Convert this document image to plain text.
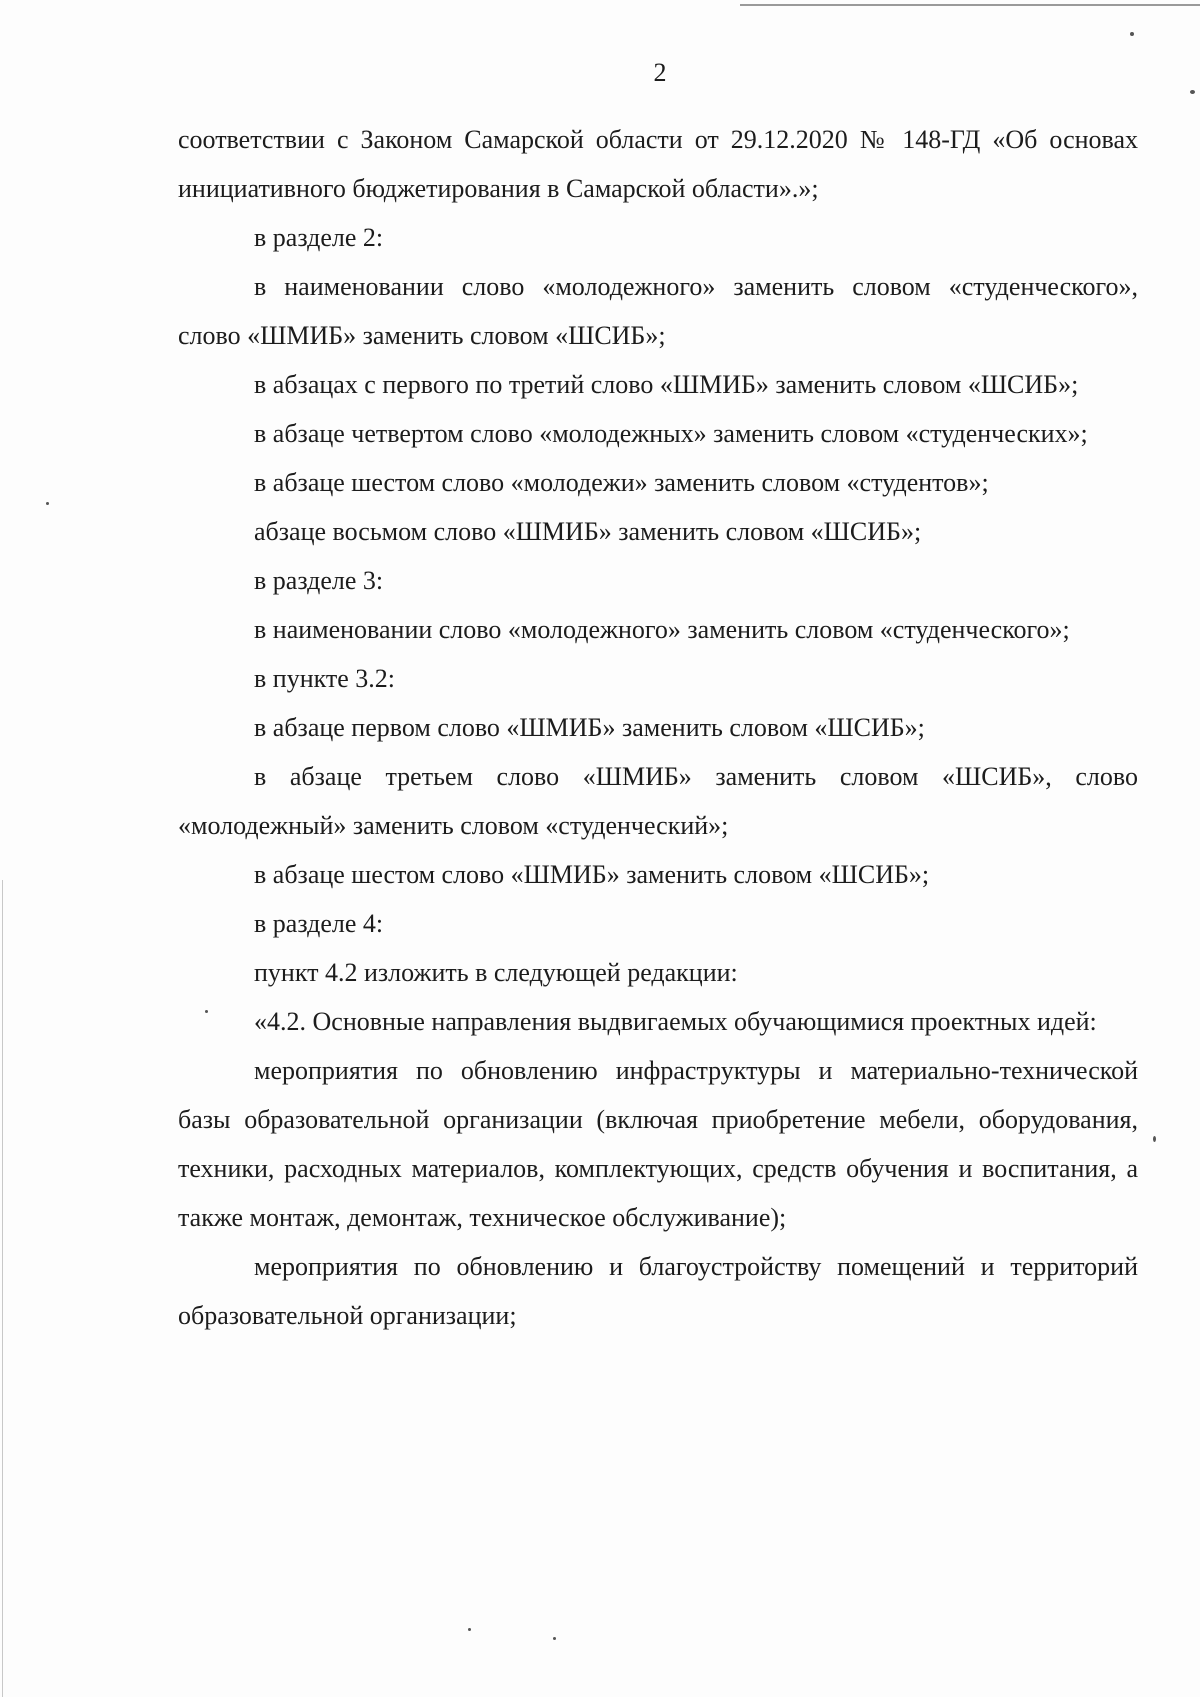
2

соответствии с Законом Самарской области от 29.12.2020 № 148-ГД «Об основах инициативного бюджетирования в Самарской области».»;

в разделе 2:

в наименовании слово «молодежного» заменить словом «студенческого», слово «ШМИБ» заменить словом «ШСИБ»;

в абзацах с первого по третий слово «ШМИБ» заменить словом «ШСИБ»;

в абзаце четвертом слово «молодежных» заменить словом «студенческих»;

в абзаце шестом слово «молодежи» заменить словом «студентов»;

абзаце восьмом слово «ШМИБ» заменить словом «ШСИБ»;

в разделе 3:

в наименовании слово «молодежного» заменить словом «студенческого»;

в пункте 3.2:

в абзаце первом слово «ШМИБ» заменить словом «ШСИБ»;

в абзаце третьем слово «ШМИБ» заменить словом «ШСИБ», слово «молодежный» заменить словом «студенческий»;

в абзаце шестом слово «ШМИБ» заменить словом «ШСИБ»;

в разделе 4:

пункт 4.2 изложить в следующей редакции:

«4.2. Основные направления выдвигаемых обучающимися проектных идей:

мероприятия по обновлению инфраструктуры и материально-технической базы образовательной организации (включая приобретение мебели, оборудования, техники, расходных материалов, комплектующих, средств обучения и воспитания, а также монтаж, демонтаж, техническое обслуживание);

мероприятия по обновлению и благоустройству помещений и территорий образовательной организации;
